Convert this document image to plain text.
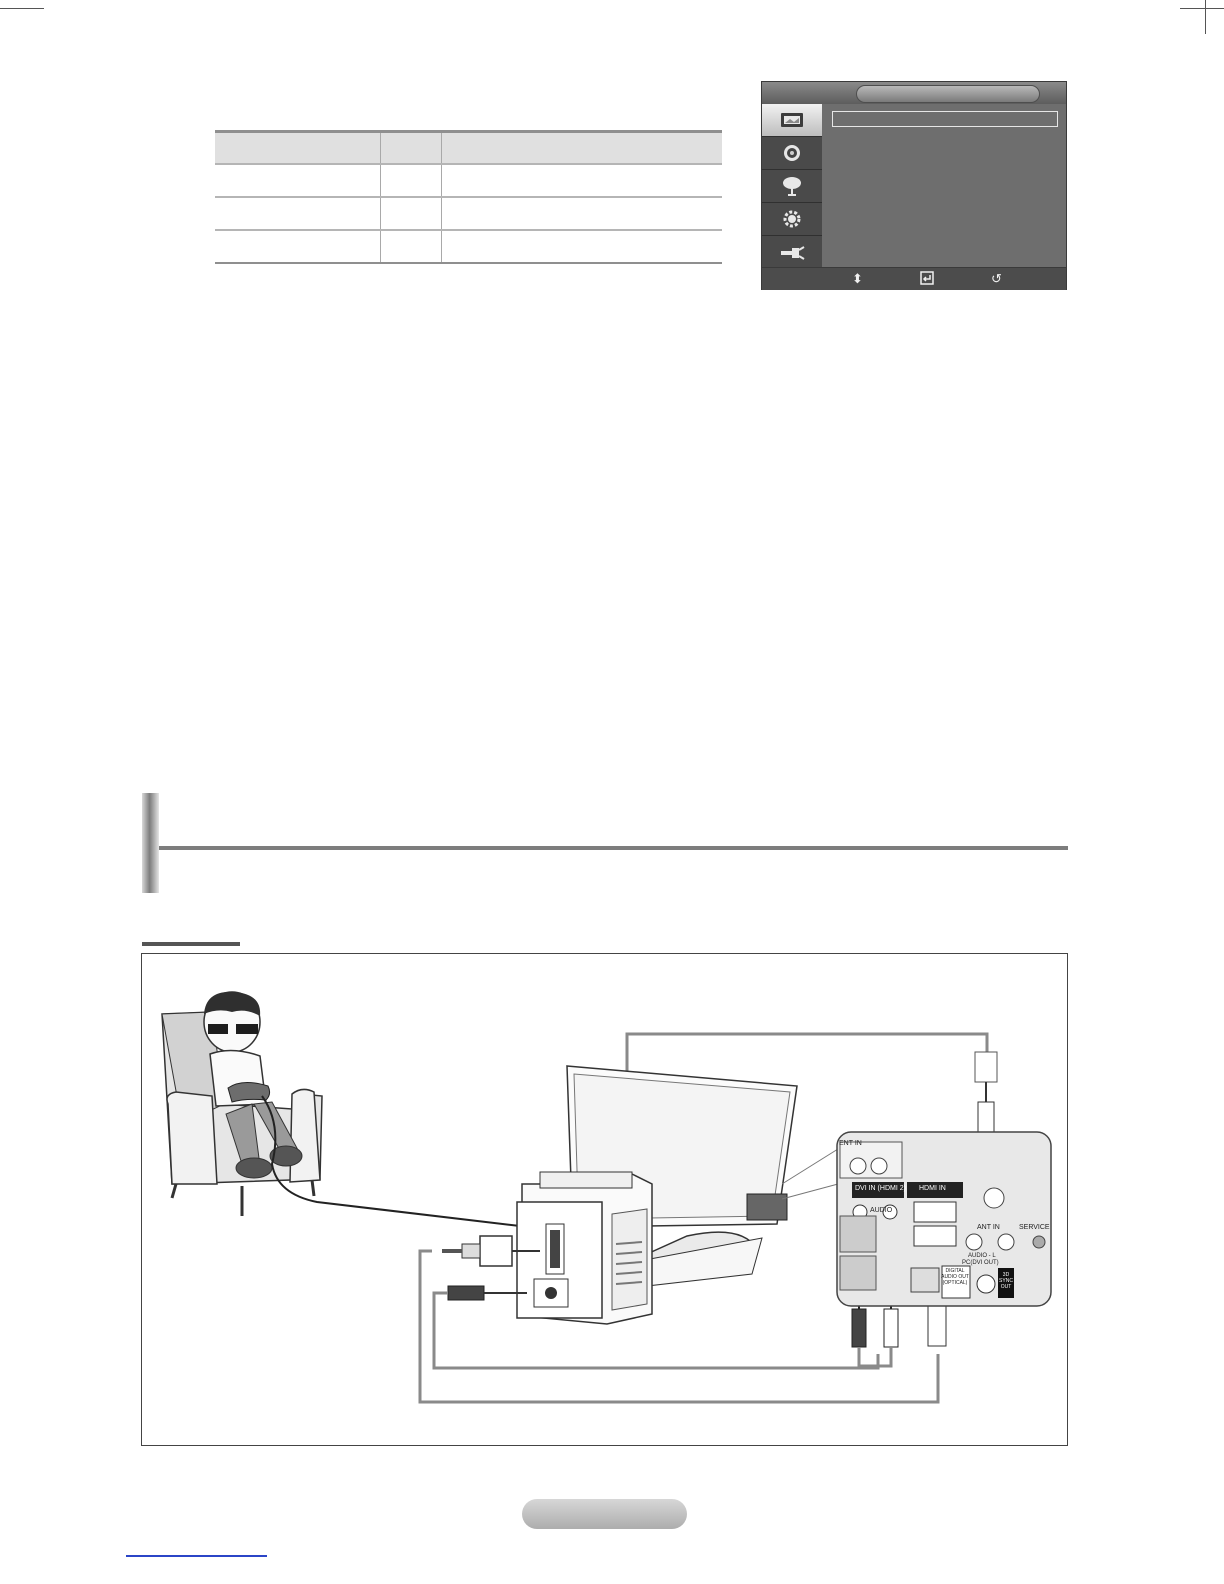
⬍	↺
ENT IN
DVI IN (HDMI 2)
AUDIO
HDMI IN
ANT IN	SERVICE
AUDIO - L
PC(DVI OUT)
DIGITAL AUDIO OUT (OPTICAL)
3D SYNC OUT
